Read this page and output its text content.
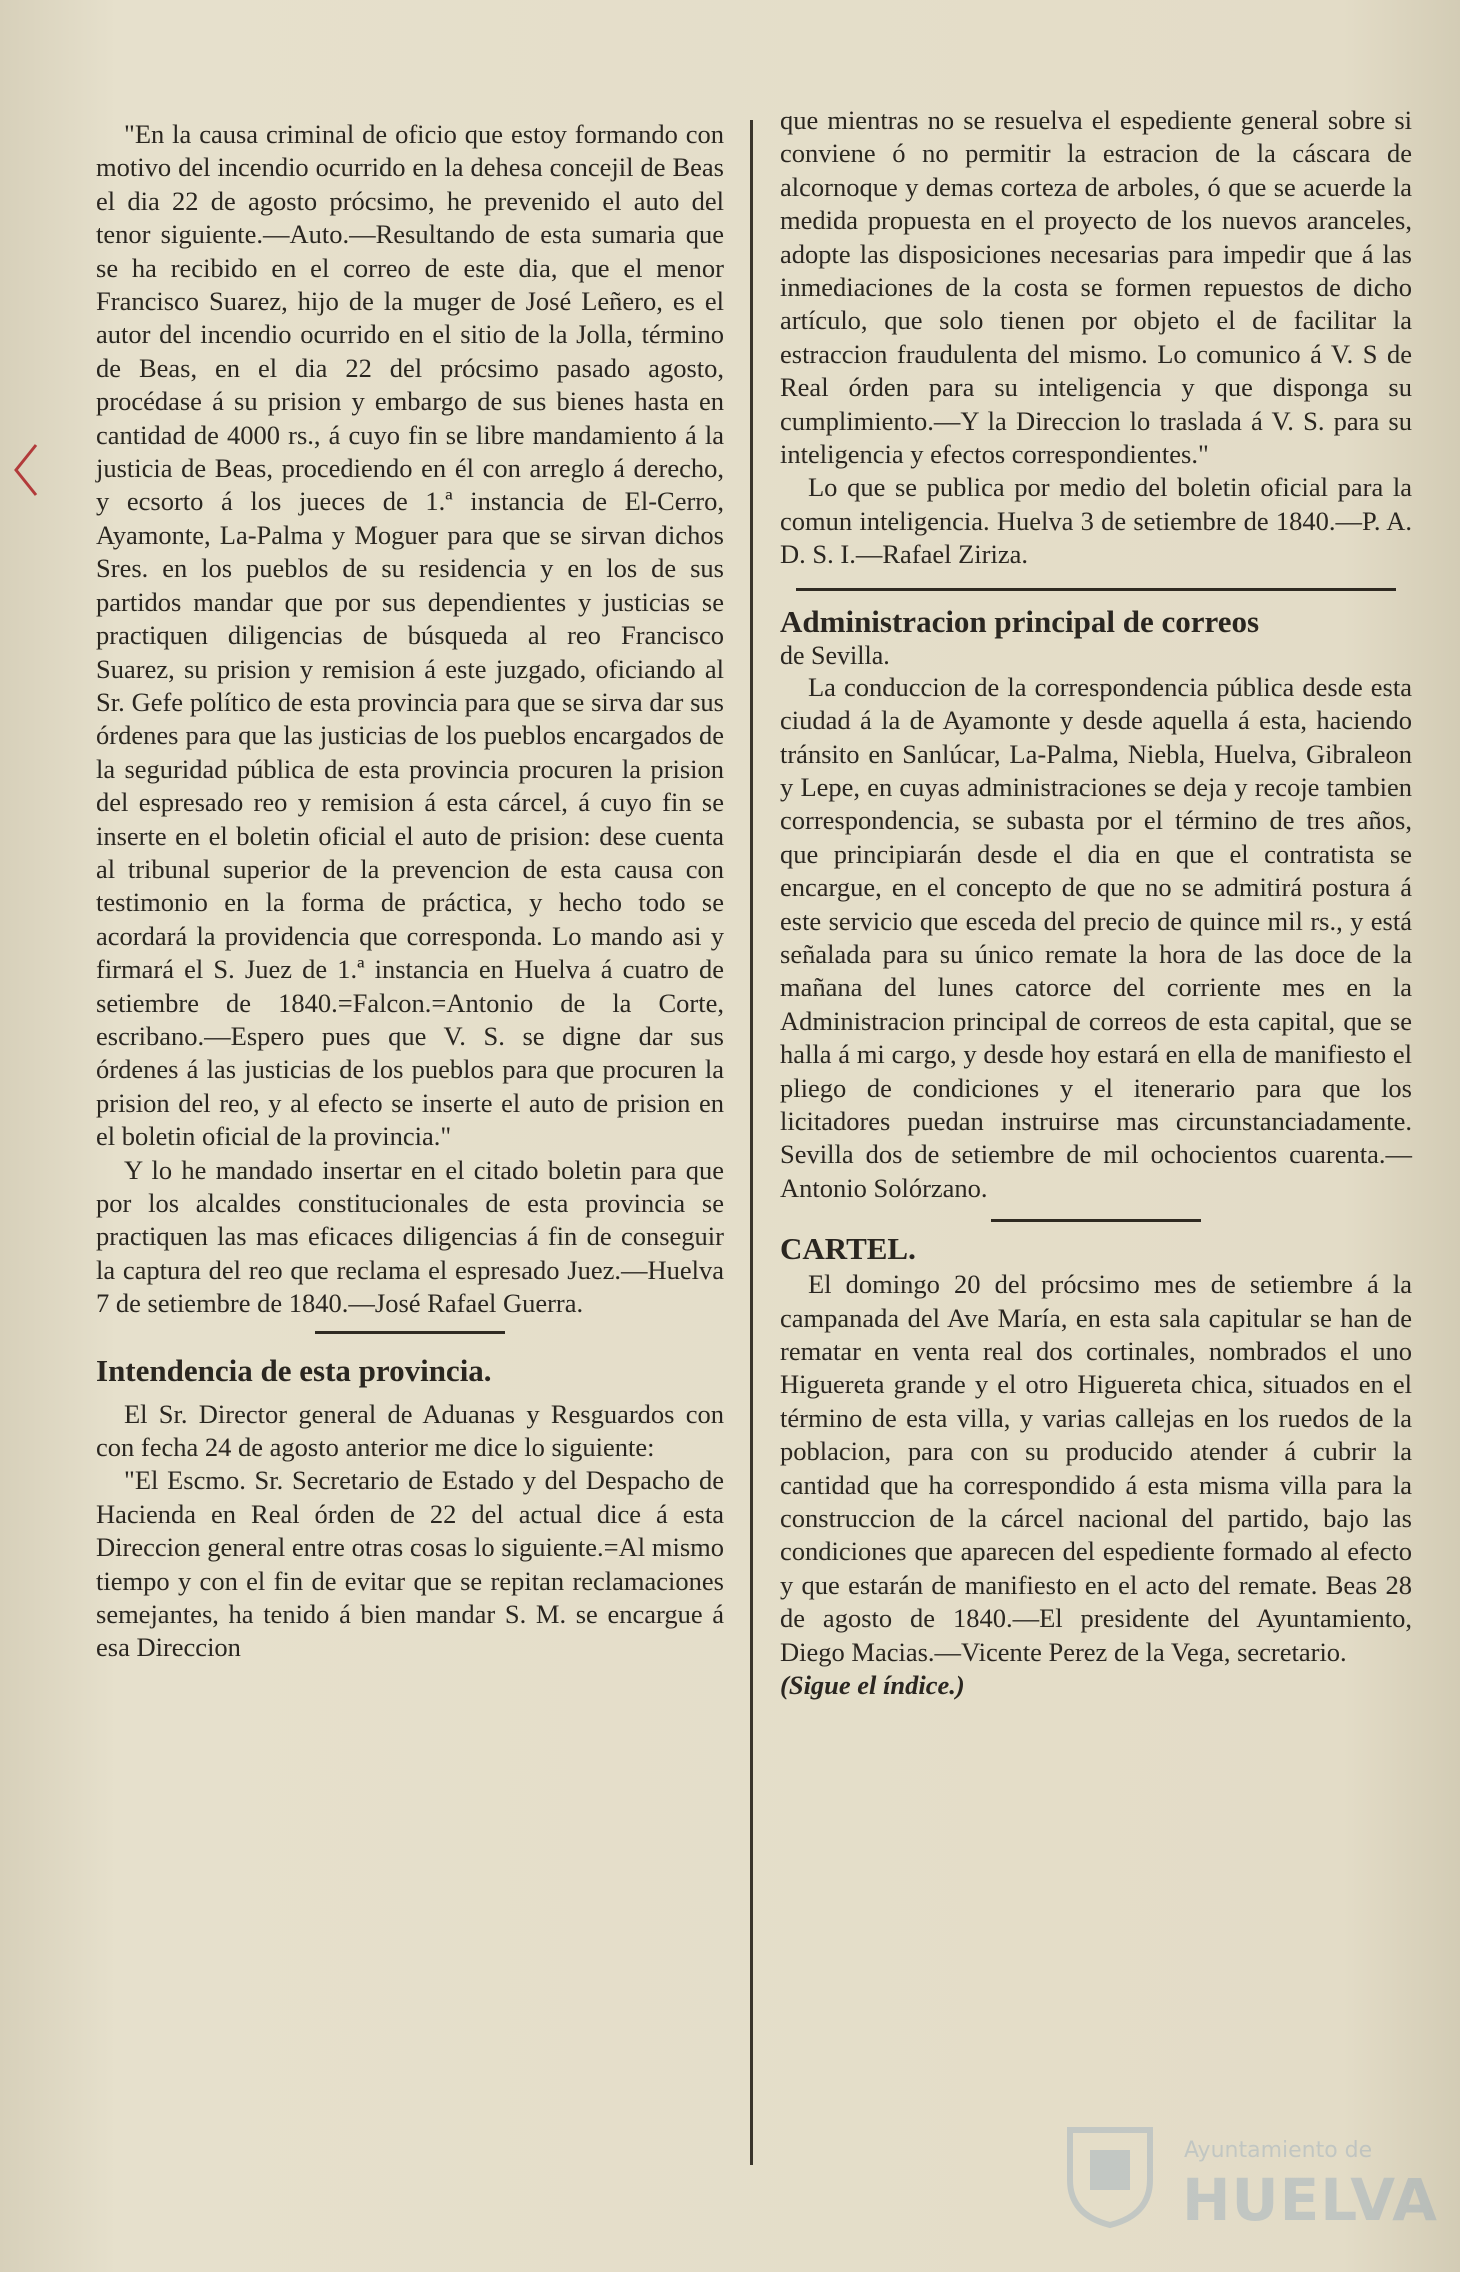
"En la causa criminal de oficio que estoy formando con motivo del incendio ocurrido en la dehesa concejil de Beas el dia 22 de agosto prócsimo, he prevenido el auto del tenor siguiente.—Auto.—Resultando de esta sumaria que se ha recibido en el correo de este dia, que el menor Francisco Suarez, hijo de la muger de José Leñero, es el autor del incendio ocurrido en el sitio de la Jolla, término de Beas, en el dia 22 del prócsimo pasado agosto, procédase á su prision y embargo de sus bienes hasta en cantidad de 4000 rs., á cuyo fin se libre mandamiento á la justicia de Beas, procediendo en él con arreglo á derecho, y ecsorto á los jueces de 1.ª instancia de El-Cerro, Ayamonte, La-Palma y Moguer para que se sirvan dichos Sres. en los pueblos de su residencia y en los de sus partidos mandar que por sus dependientes y justicias se practiquen diligencias de búsqueda al reo Francisco Suarez, su prision y remision á este juzgado, oficiando al Sr. Gefe político de esta provincia para que se sirva dar sus órdenes para que las justicias de los pueblos encargados de la seguridad pública de esta provincia procuren la prision del espresado reo y remision á esta cárcel, á cuyo fin se inserte en el boletin oficial el auto de prision: dese cuenta al tribunal superior de la prevencion de esta causa con testimonio en la forma de práctica, y hecho todo se acordará la providencia que corresponda. Lo mando asi y firmará el S. Juez de 1.ª instancia en Huelva á cuatro de setiembre de 1840.=Falcon.=Antonio de la Corte, escribano.—Espero pues que V. S. se digne dar sus órdenes á las justicias de los pueblos para que procuren la prision del reo, y al efecto se inserte el auto de prision en el boletin oficial de la provincia."

Y lo he mandado insertar en el citado boletin para que por los alcaldes constitucionales de esta provincia se practiquen las mas eficaces diligencias á fin de conseguir la captura del reo que reclama el espresado Juez.—Huelva 7 de setiembre de 1840.—José Rafael Guerra.

Intendencia de esta provincia.

El Sr. Director general de Aduanas y Resguardos con con fecha 24 de agosto anterior me dice lo siguiente:

"El Escmo. Sr. Secretario de Estado y del Despacho de Hacienda en Real órden de 22 del actual dice á esta Direccion general entre otras cosas lo siguiente.=Al mismo tiempo y con el fin de evitar que se repitan reclamaciones semejantes, ha tenido á bien mandar S. M. se encargue á esa Direccion

que mientras no se resuelva el espediente general sobre si conviene ó no permitir la estracion de la cáscara de alcornoque y demas corteza de arboles, ó que se acuerde la medida propuesta en el proyecto de los nuevos aranceles, adopte las disposiciones necesarias para impedir que á las inmediaciones de la costa se formen repuestos de dicho artículo, que solo tienen por objeto el de facilitar la estraccion fraudulenta del mismo. Lo comunico á V. S de Real órden para su inteligencia y que disponga su cumplimiento.—Y la Direccion lo traslada á V. S. para su inteligencia y efectos correspondientes."

Lo que se publica por medio del boletin oficial para la comun inteligencia. Huelva 3 de setiembre de 1840.—P. A. D. S. I.—Rafael Ziriza.

Administracion principal de correos

de Sevilla.

La conduccion de la correspondencia pública desde esta ciudad á la de Ayamonte y desde aquella á esta, haciendo tránsito en Sanlúcar, La-Palma, Niebla, Huelva, Gibraleon y Lepe, en cuyas administraciones se deja y recoje tambien correspondencia, se subasta por el término de tres años, que principiarán desde el dia en que el contratista se encargue, en el concepto de que no se admitirá postura á este servicio que esceda del precio de quince mil rs., y está señalada para su único remate la hora de las doce de la mañana del lunes catorce del corriente mes en la Administracion principal de correos de esta capital, que se halla á mi cargo, y desde hoy estará en ella de manifiesto el pliego de condiciones y el itenerario para que los licitadores puedan instruirse mas circunstanciadamente. Sevilla dos de setiembre de mil ochocientos cuarenta.—Antonio Solórzano.

CARTEL.

El domingo 20 del prócsimo mes de setiembre á la campanada del Ave María, en esta sala capitular se han de rematar en venta real dos cortinales, nombrados el uno Higuereta grande y el otro Higuereta chica, situados en el término de esta villa, y varias callejas en los ruedos de la poblacion, para con su producido atender á cubrir la cantidad que ha correspondido á esta misma villa para la construccion de la cárcel nacional del partido, bajo las condiciones que aparecen del espediente formado al efecto y que estarán de manifiesto en el acto del remate. Beas 28 de agosto de 1840.—El presidente del Ayuntamiento, Diego Macias.—Vicente Perez de la Vega, secretario.

(Sigue el índice.)

Ayuntamiento de
HUELVA
